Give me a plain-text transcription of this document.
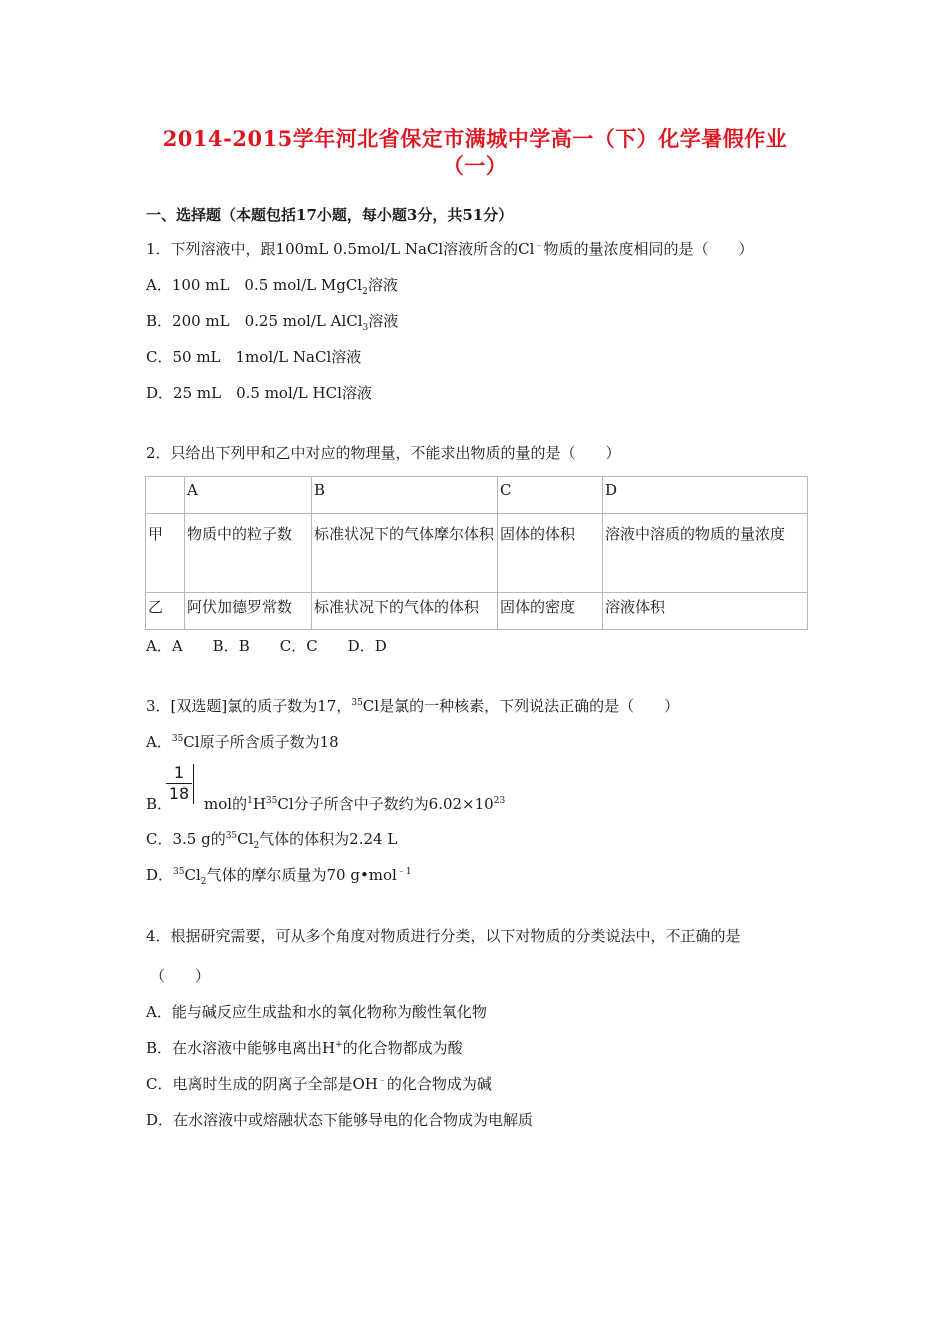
2014-2015学年河北省保定市满城中学高一（下）化学暑假作业
（一）
一、选择题（本题包括17小题，每小题3分，共51分）
1．下列溶液中，跟100mL 0.5mol/L NaCl溶液所含的Cl﹣物质的量浓度相同的是（　　）
A．100 mL　0.5 mol/L MgCl$_2$溶液
B．200 mL　0.25 mol/L AlCl$_3$溶液
C．50 mL　1mol/L NaCl溶液
D．25 mL　0.5 mol/L HCl溶液
2．只给出下列甲和乙中对应的物理量，不能求出物质的量的是（　　）
	A	B	C	D
甲	物质中的粒子数	标准状况下的气体摩尔体积	固体的体积	溶液中溶质的物质的量浓度
乙	阿伏加德罗常数	标准状况下的气体的体积	固体的密度	溶液体积
A．A　　B．B　　C．C　　D．D
3．[双选题]氯的质子数为17，$^{35}$Cl是氯的一种核素，下列说法正确的是（　　）
A．$^{35}$Cl原子所含质子数为18
1
18
B． mol的$^1H^{35}Cl$分子所含中子数约为$6.02\times 10^{23}$
C．3.5 g的$^{35}Cl_2$气体的体积为2.24 L
D．$^{35}Cl_2$气体的摩尔质量为70 g•mol$^{﹣1}$
4．根据研究需要，可从多个角度对物质进行分类，以下对物质的分类说法中，不正确的是
（　　）
A．能与碱反应生成盐和水的氧化物称为酸性氧化物
B．在水溶液中能够电离出H+的化合物都成为酸
C．电离时生成的阴离子全部是OH﹣的化合物成为碱
D．在水溶液中或熔融状态下能够导电的化合物成为电解质
